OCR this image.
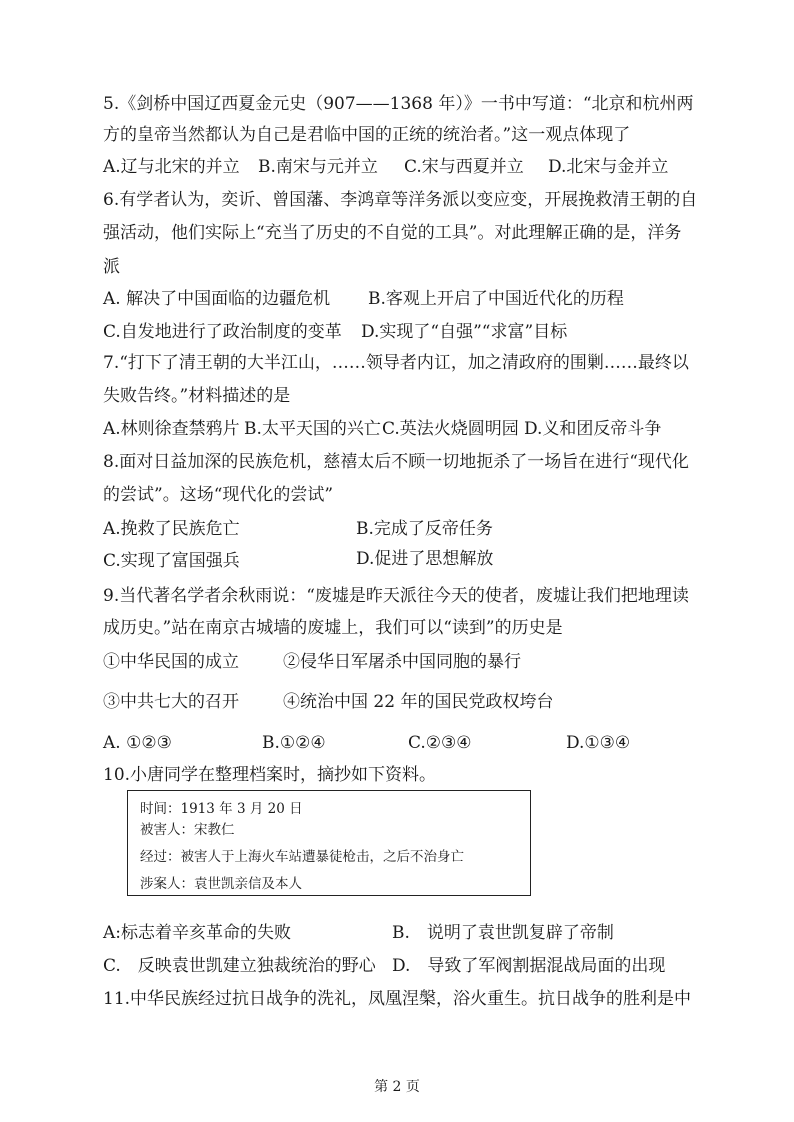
5.《剑桥中国辽西夏金元史（907——1368 年）》一书中写道：“北京和杭州两
方的皇帝当然都认为自己是君临中国的正统的统治者。”这一观点体现了
A.辽与北宋的并立 B.南宋与元并立 C.宋与西夏并立 D.北宋与金并立
6.有学者认为，奕䜣、曾国藩、李鸿章等洋务派以变应变，开展挽救清王朝的自
强活动，他们实际上“充当了历史的不自觉的工具”。对此理解正确的是，洋务
派
A. 解决了中国面临的边疆危机 B.客观上开启了中国近代化的历程
C.自发地进行了政治制度的变革 D.实现了“自强”“求富”目标
7.“打下了清王朝的大半江山，……领导者内讧，加之清政府的围剿……最终以
失败告终。”材料描述的是
A.林则徐查禁鸦片 B.太平天国的兴亡 C.英法火烧圆明园 D.义和团反帝斗争
8.面对日益加深的民族危机，慈禧太后不顾一切地扼杀了一场旨在进行“现代化
的尝试”。这场“现代化的尝试”
A.挽救了民族危亡	B.完成了反帝任务
C.实现了富国强兵	D.促进了思想解放
9.当代著名学者余秋雨说：“废墟是昨天派往今天的使者，废墟让我们把地理读
成历史。”站在南京古城墙的废墟上，我们可以“读到”的历史是
①中华民国的成立	②侵华日军屠杀中国同胞的暴行
③中共七大的召开	④统治中国 22 年的国民党政权垮台
A. ①②③	B.①②④	C.②③④	D.①③④
10.小唐同学在整理档案时，摘抄如下资料。
时间：1913 年 3 月 20 日
被害人：宋教仁
经过：被害人于上海火车站遭暴徒枪击，之后不治身亡
涉案人：袁世凯亲信及本人
A:标志着辛亥革命的失败	B.　说明了袁世凯复辟了帝制
C.　反映袁世凯建立独裁统治的野心 D.　导致了军阀割据混战局面的出现
11.中华民族经过抗日战争的洗礼，凤凰涅槃，浴火重生。抗日战争的胜利是中
第 2 页
